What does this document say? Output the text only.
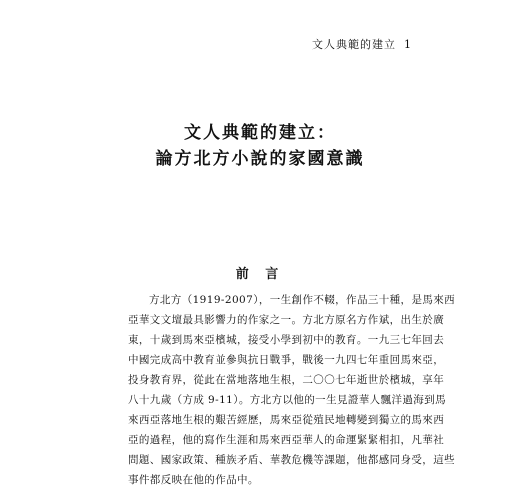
文人典範的建立 1
文人典範的建立：
論方北方小說的家國意識
前 言
方北方（1919-2007），一生創作不輟，作品三十種，是馬來西
亞華文文壇最具影響力的作家之一。方北方原名方作斌，出生於廣
東，十歲到馬來亞檳城，接受小學到初中的教育。一九三七年回去
中國完成高中教育並參與抗日戰爭，戰後一九四七年重回馬來亞，
投身教育界，從此在當地落地生根，二〇〇七年逝世於檳城，享年
八十九歲（方成 9-11）。方北方以他的一生見證華人飄洋過海到馬
來西亞落地生根的艱苦經歷，馬來亞從殖民地轉變到獨立的馬來西
亞的過程，他的寫作生涯和馬來西亞華人的命運緊緊相扣，凡華社
問題、國家政策、種族矛盾、華教危機等課題，他都感同身受，這些
事件都反映在他的作品中。
